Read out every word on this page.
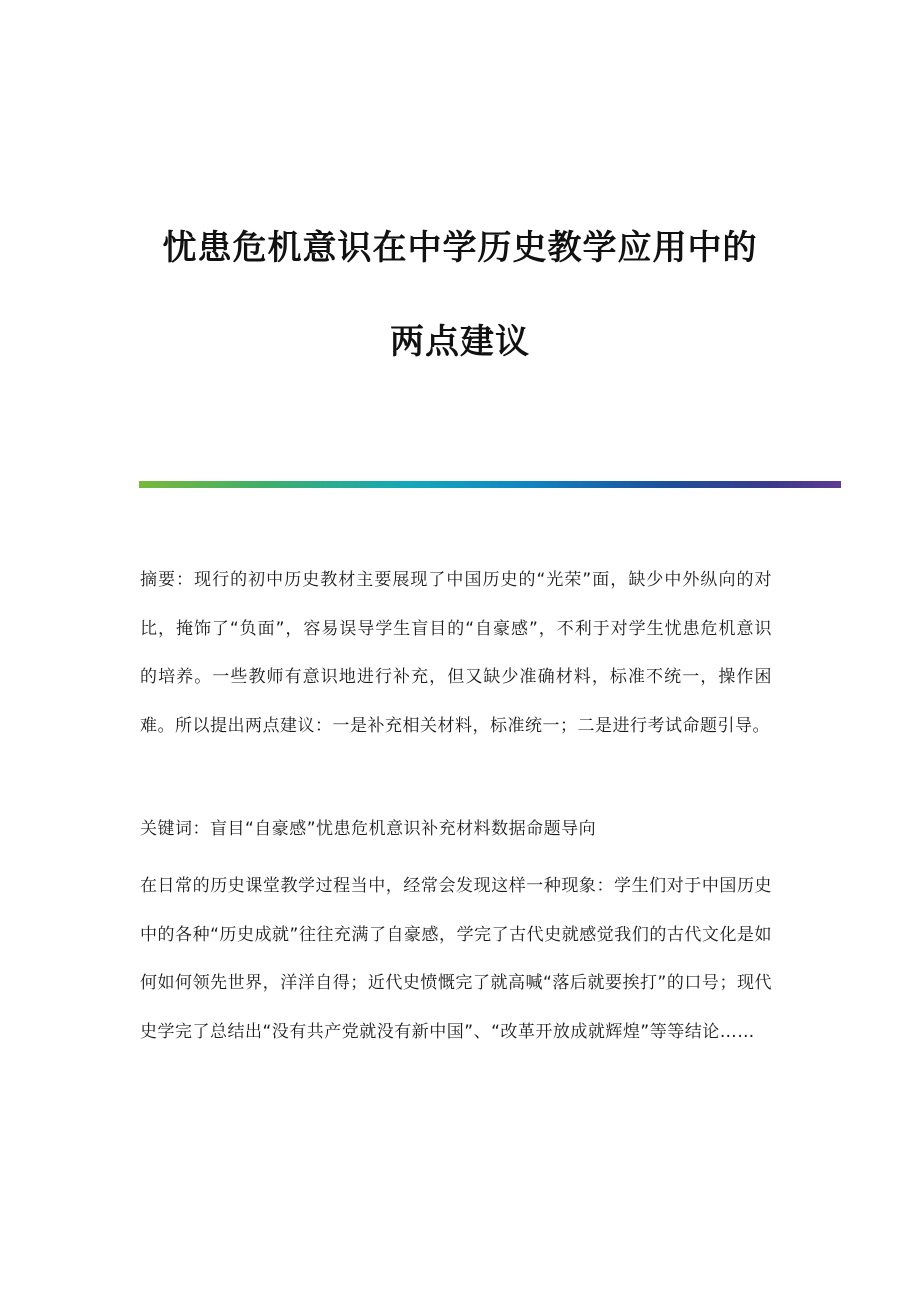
忧患危机意识在中学历史教学应用中的
两点建议
摘要：现行的初中历史教材主要展现了中国历史的“光荣”面，缺少中外纵向的对比，掩饰了“负面”，容易误导学生盲目的“自豪感”，不利于对学生忧患危机意识的培养。一些教师有意识地进行补充，但又缺少准确材料，标准不统一，操作困难。所以提出两点建议：一是补充相关材料，标准统一；二是进行考试命题引导。
关键词：盲目“自豪感”忧患危机意识补充材料数据命题导向
在日常的历史课堂教学过程当中，经常会发现这样一种现象：学生们对于中国历史中的各种“历史成就”往往充满了自豪感，学完了古代史就感觉我们的古代文化是如何如何领先世界，洋洋自得；近代史愤慨完了就高喊“落后就要挨打”的口号；现代史学完了总结出“没有共产党就没有新中国”、“改革开放成就辉煌”等等结论……
